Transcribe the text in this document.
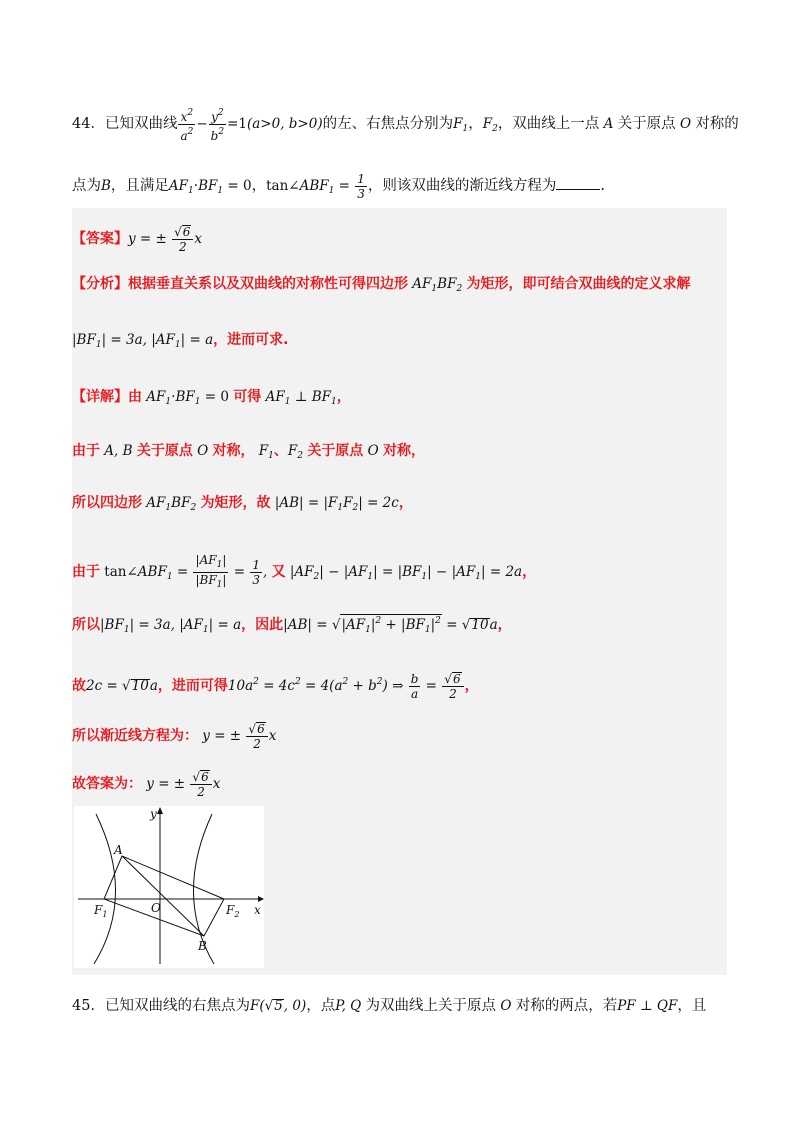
44．已知双曲线 $\frac{x^2}{a^2} - \frac{y^2}{b^2} =1(a>0$, b>0)的左、右焦点分别为$F_1$，$F_2$，双曲线上一点 A 关于原点 O 对称的
点为B，且满足$AF_1\cdot BF_1 = 0$，$\tan\angle ABF_1 = \frac{1}{3}$ ，则该双曲线的渐近线方程为	.
【答案】y = ± $\frac{√6}{2}$ x
【分析】根据垂直关系以及双曲线的对称性可得四边形 $AF_1BF_2$ 为矩形，即可结合双曲线的定义求解
$|BF_1| = 3a$, $|AF_1| = a$，进而可求.
【详解】由 $AF_1\cdot BF_1 = 0$ 可得 $AF_1$ ⊥ $BF_1$，
由于 A, B 关于原点 O 对称， $F_1$、$F_2$ 关于原点 O 对称，
所以四边形 $AF_1BF_2$ 为矩形，故 $|AB| = |F_1F_2| = 2c$，
由于 $\tan\angle ABF_1 = \frac{|AF_1|}{|BF_1|} = \frac{1}{3}$ , 又 $|AF_2| - |AF_1| = |BF_1| - |AF_1| = 2a$，
所以$|BF_1| = 3a$, $|AF_1| = a$，因此$|AB| = √|AF_1|^2 + |BF_1|^2 = √10a$，
故2c = √10a，进而可得$10a^2 = 4c^2 = 4(a^2 + b^2)$ ⇒ $\frac{b}{a} = \frac{√6}{2}$ ，
所以渐近线方程为： y = ± $\frac{√6}{2}$ x
故答案为： y = ± $\frac{√6}{2}$ x
y
x
A
B
O
$F_1$	$F_2$
45．已知双曲线的右焦点为F(√5, 0)，点P, Q 为双曲线上关于原点 O 对称的两点，若PF ⊥ QF，且
